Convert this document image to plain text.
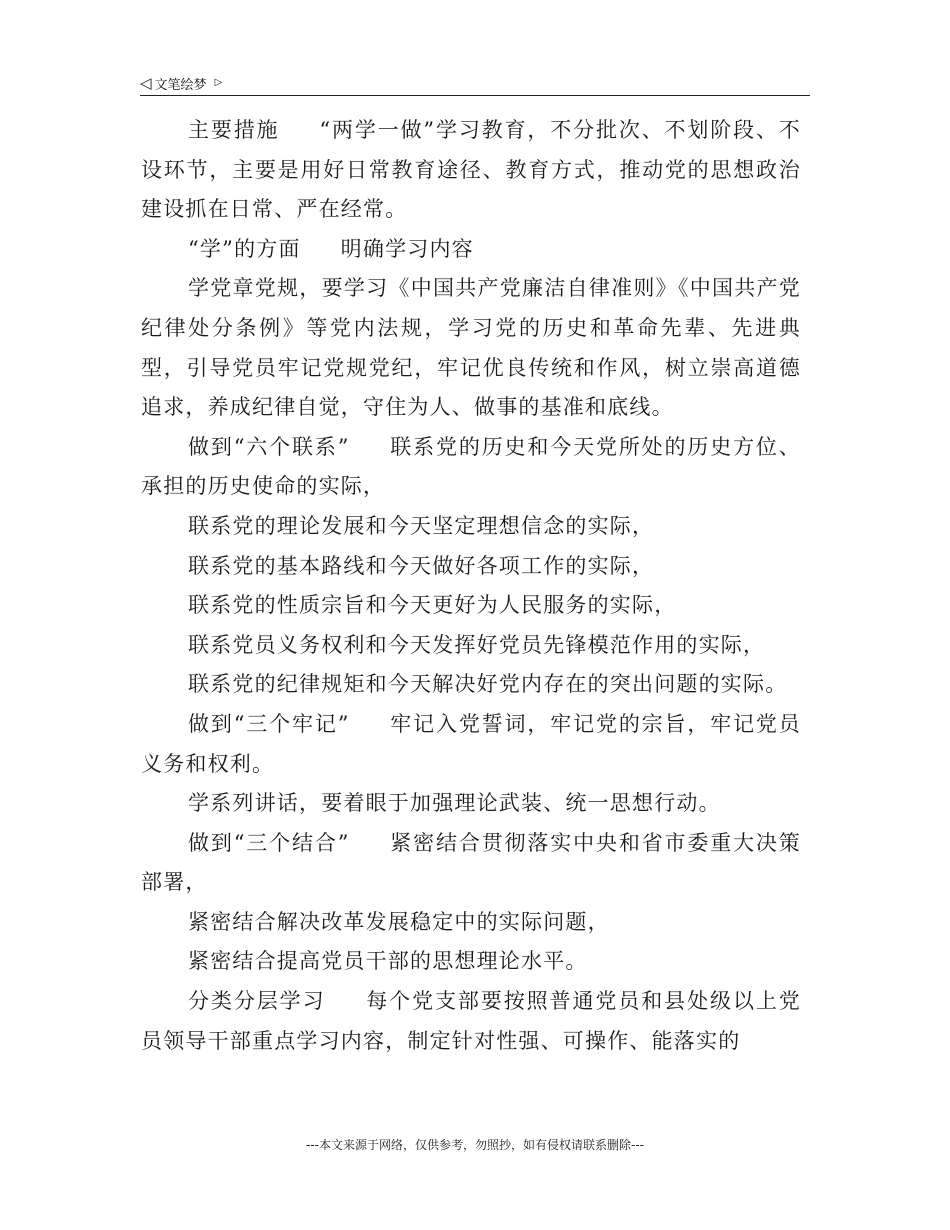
◁ 文笔绘梦 ▷

主要措施 “两学一做”学习教育，不分批次、不划阶段、不设环节，主要是用好日常教育途径、教育方式，推动党的思想政治建设抓在日常、严在经常。

“学”的方面 明确学习内容

学党章党规，要学习《中国共产党廉洁自律准则》《中国共产党纪律处分条例》等党内法规，学习党的历史和革命先辈、先进典型，引导党员牢记党规党纪，牢记优良传统和作风，树立崇高道德追求，养成纪律自觉，守住为人、做事的基准和底线。

做到“六个联系” 联系党的历史和今天党所处的历史方位、承担的历史使命的实际，

联系党的理论发展和今天坚定理想信念的实际，

联系党的基本路线和今天做好各项工作的实际，

联系党的性质宗旨和今天更好为人民服务的实际，

联系党员义务权利和今天发挥好党员先锋模范作用的实际，

联系党的纪律规矩和今天解决好党内存在的突出问题的实际。

做到“三个牢记” 牢记入党誓词，牢记党的宗旨，牢记党员义务和权利。

学系列讲话，要着眼于加强理论武装、统一思想行动。

做到“三个结合” 紧密结合贯彻落实中央和省市委重大决策部署，

紧密结合解决改革发展稳定中的实际问题，

紧密结合提高党员干部的思想理论水平。

分类分层学习 每个党支部要按照普通党员和县处级以上党员领导干部重点学习内容，制定针对性强、可操作、能落实的

---本文来源于网络，仅供参考，勿照抄，如有侵权请联系删除---
